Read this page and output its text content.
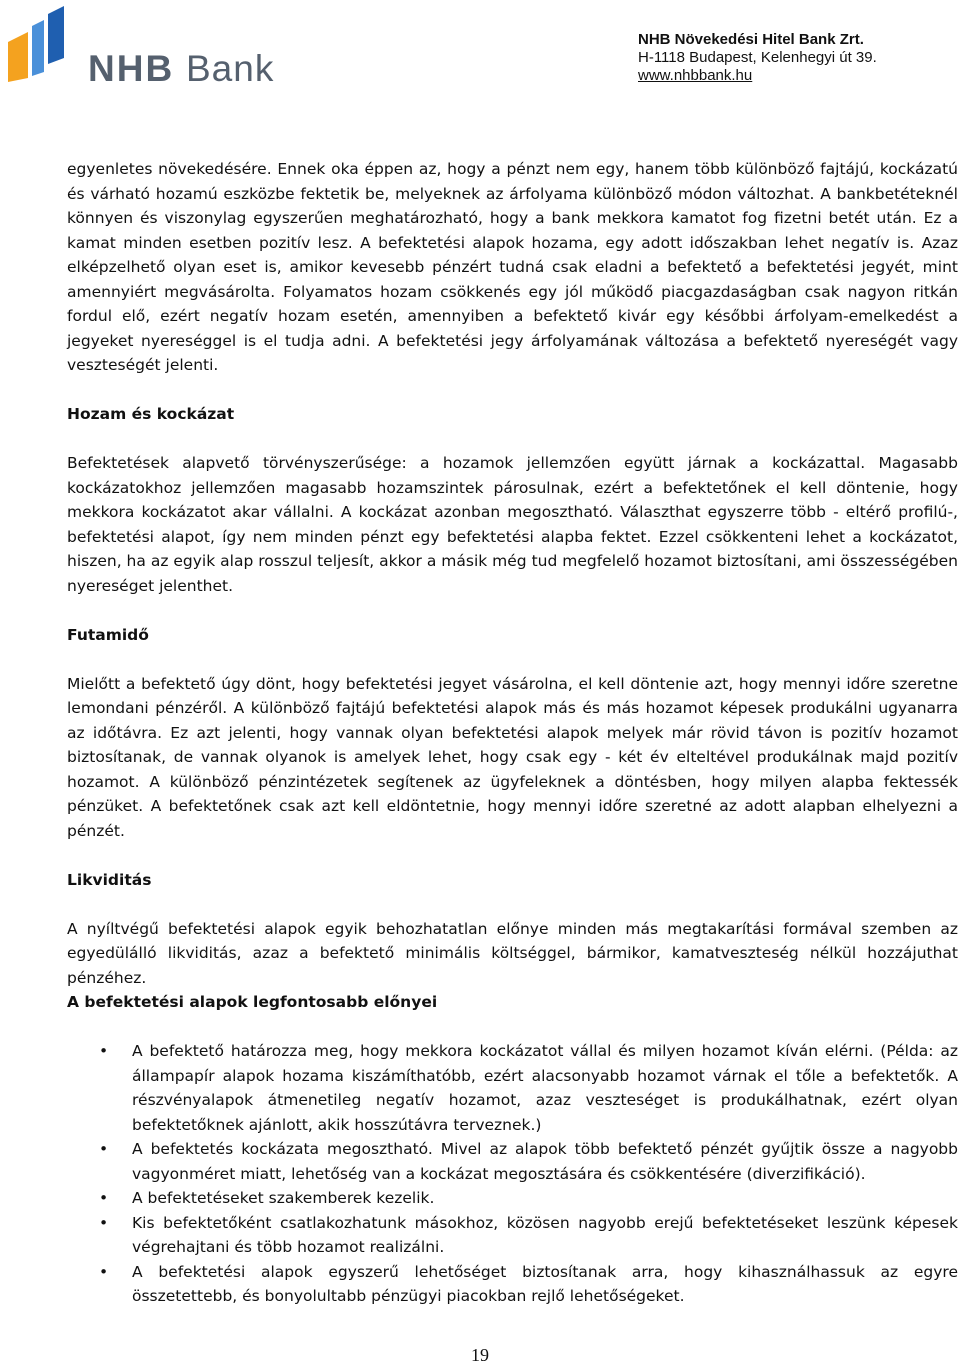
NHB Bank
NHB Növekedési Hitel Bank Zrt.
H-1118 Budapest, Kelenhegyi út 39.
www.nhbbank.hu

egyenletes növekedésére. Ennek oka éppen az, hogy a pénzt nem egy, hanem több különböző fajtájú, kockázatú és várható hozamú eszközbe fektetik be, melyeknek az árfolyama különböző módon változhat. A bankbetéteknél könnyen és viszonylag egyszerűen meghatározható, hogy a bank mekkora kamatot fog fizetni betét után. Ez a kamat minden esetben pozitív lesz. A befektetési alapok hozama, egy adott időszakban lehet negatív is. Azaz elképzelhető olyan eset is, amikor kevesebb pénzért tudná csak eladni a befektető a befektetési jegyét, mint amennyiért megvásárolta. Folyamatos hozam csökkenés egy jól működő piacgazdaságban csak nagyon ritkán fordul elő, ezért negatív hozam esetén, amennyiben a befektető kivár egy későbbi árfolyam-emelkedést a jegyeket nyereséggel is el tudja adni. A befektetési jegy árfolyamának változása a befektető nyereségét vagy veszteségét jelenti.

Hozam és kockázat

Befektetések alapvető törvényszerűsége: a hozamok jellemzően együtt járnak a kockázattal. Magasabb kockázatokhoz jellemzően magasabb hozamszintek párosulnak, ezért a befektetőnek el kell döntenie, hogy mekkora kockázatot akar vállalni. A kockázat azonban megosztható. Választhat egyszerre több - eltérő profilú-, befektetési alapot, így nem minden pénzt egy befektetési alapba fektet. Ezzel csökkenteni lehet a kockázatot, hiszen, ha az egyik alap rosszul teljesít, akkor a másik még tud megfelelő hozamot biztosítani, ami összességében nyereséget jelenthet.

Futamidő

Mielőtt a befektető úgy dönt, hogy befektetési jegyet vásárolna, el kell döntenie azt, hogy mennyi időre szeretne lemondani pénzéről. A különböző fajtájú befektetési alapok más és más hozamot képesek produkálni ugyanarra az időtávra. Ez azt jelenti, hogy vannak olyan befektetési alapok melyek már rövid távon is pozitív hozamot biztosítanak, de vannak olyanok is amelyek lehet, hogy csak egy - két év elteltével produkálnak majd pozitív hozamot. A különböző pénzintézetek segítenek az ügyfeleknek a döntésben, hogy milyen alapba fektessék pénzüket. A befektetőnek csak azt kell eldöntetnie, hogy mennyi időre szeretné az adott alapban elhelyezni a pénzét.

Likviditás

A nyíltvégű befektetési alapok egyik behozhatatlan előnye minden más megtakarítási formával szemben az egyedülálló likviditás, azaz a befektető minimális költséggel, bármikor, kamatveszteség nélkül hozzájuthat pénzéhez.

A befektetési alapok legfontosabb előnyei
• A befektető határozza meg, hogy mekkora kockázatot vállal és milyen hozamot kíván elérni. (Példa: az állampapír alapok hozama kiszámíthatóbb, ezért alacsonyabb hozamot várnak el tőle a befektetők. A részvényalapok átmenetileg negatív hozamot, azaz veszteséget is produkálhatnak, ezért olyan befektetőknek ajánlott, akik hosszútávra terveznek.)
• A befektetés kockázata megosztható. Mivel az alapok több befektető pénzét gyűjtik össze a nagyobb vagyonméret miatt, lehetőség van a kockázat megosztására és csökkentésére (diverzifikáció).
• A befektetéseket szakemberek kezelik.
• Kis befektetőként csatlakozhatunk másokhoz, közösen nagyobb erejű befektetéseket leszünk képesek végrehajtani és több hozamot realizálni.
• A befektetési alapok egyszerű lehetőséget biztosítanak arra, hogy kihasználhassuk az egyre összetettebb, és bonyolultabb pénzügyi piacokban rejlő lehetőségeket.
19
